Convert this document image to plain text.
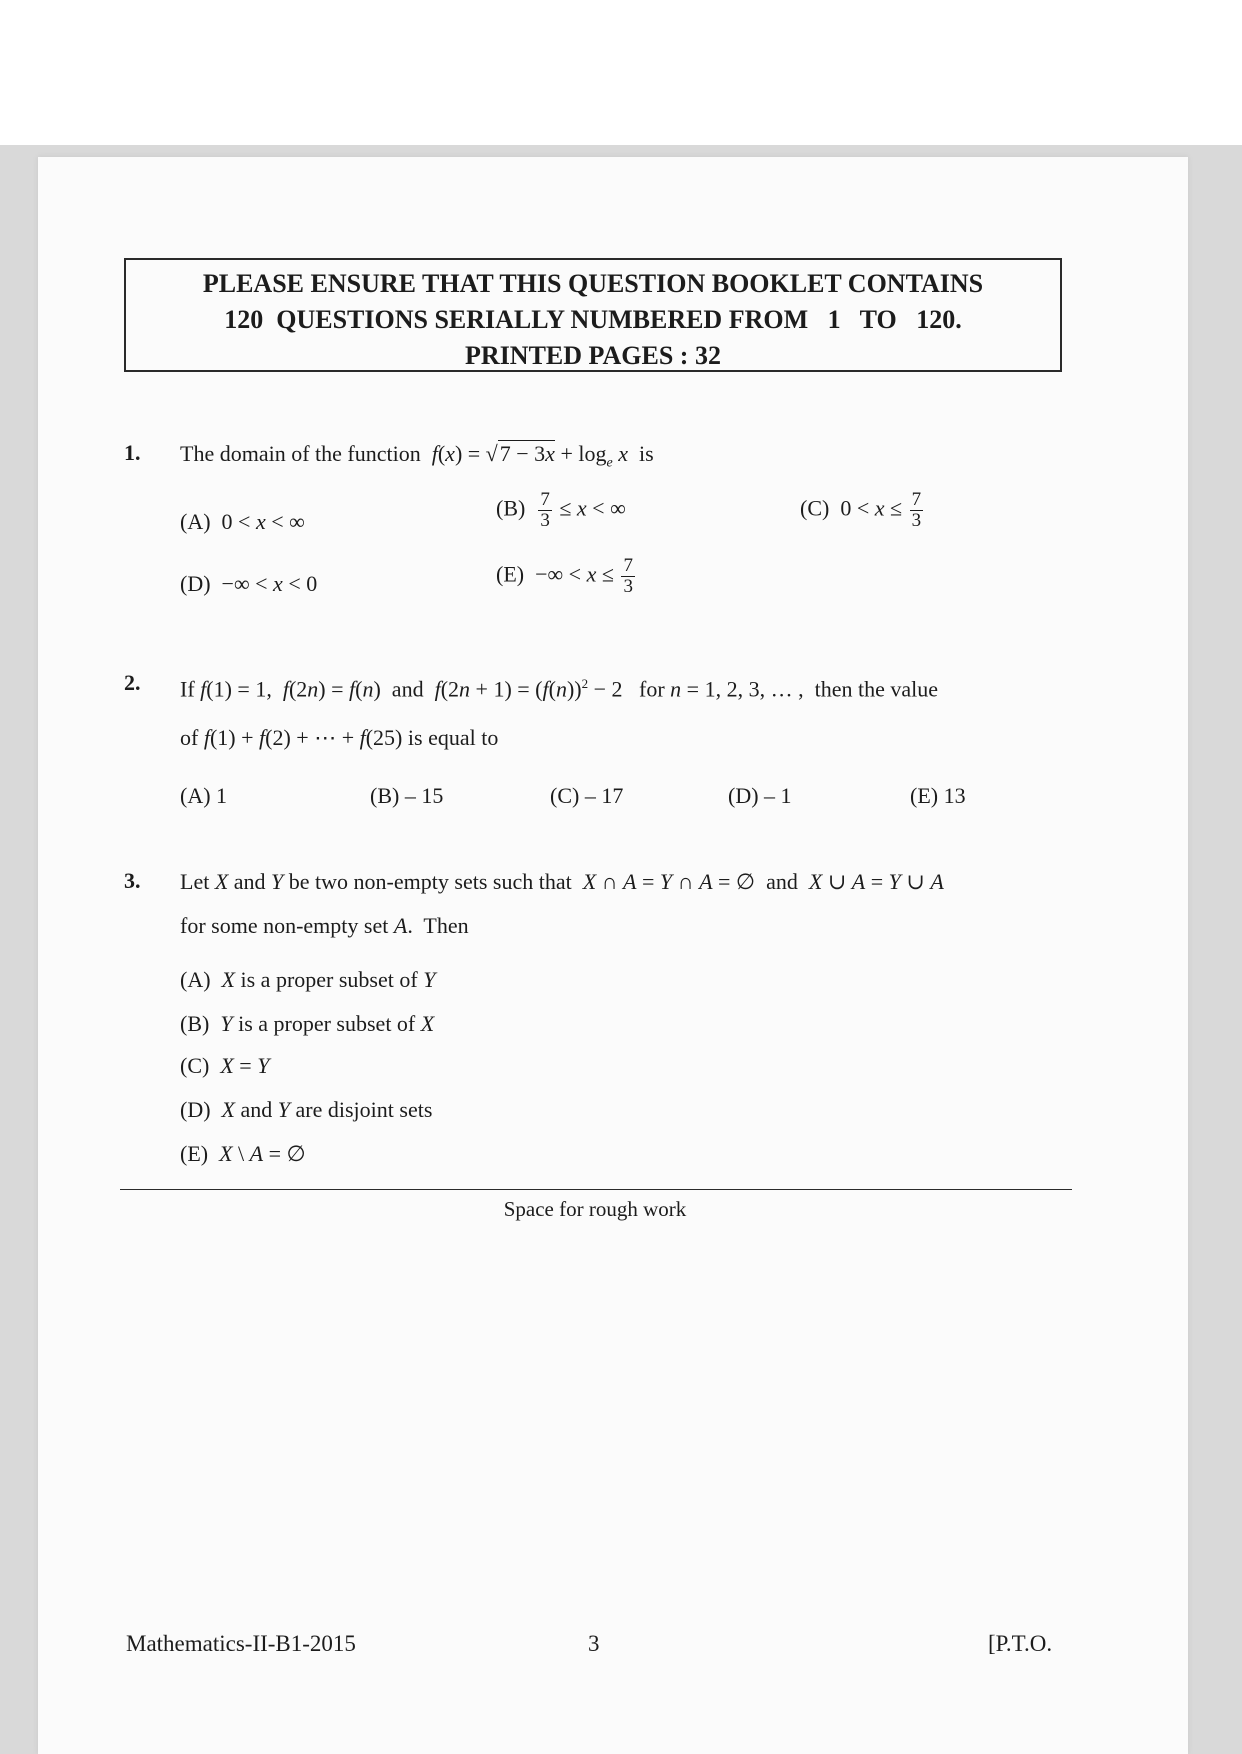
PLEASE ENSURE THAT THIS QUESTION BOOKLET CONTAINS
120  QUESTIONS SERIALLY NUMBERED FROM   1   TO   120.
PRINTED PAGES : 32
1. The domain of the function $f(x) = √7 - 3x + \log_e x$ is
(A)  0 < x < ∞
$(B) \frac{7}{3} \le x$ < ∞	(C)  $0 < x \le \frac{7}{3}$
(D)  −∞ < x < 0	(E)  −∞ < $x \le \frac{7}{3}$
2. If f(1) = 1,  f(2n) = f(n)  and  $f(2n + 1) = (f(n))^2 - 2$   for n = 1, 2, 3, … ,  then the value
of f(1) + f(2) + ⋯ + f(25) is equal to
(A) 1	(B) – 15	(C) – 17	(D) – 1	(E) 13
3. Let X and Y be two non-empty sets such that  X ∩ A = Y ∩ A = ∅  and  X ∪ A = Y ∪ A
for some non-empty set A.  Then
(A) X is a proper subset of Y
(B) Y is a proper subset of X
(C) X = Y
(D) X and Y are disjoint sets
(E) X \ A = ∅
Space for rough work
Mathematics-II-B1-2015	3	[P.T.O.
